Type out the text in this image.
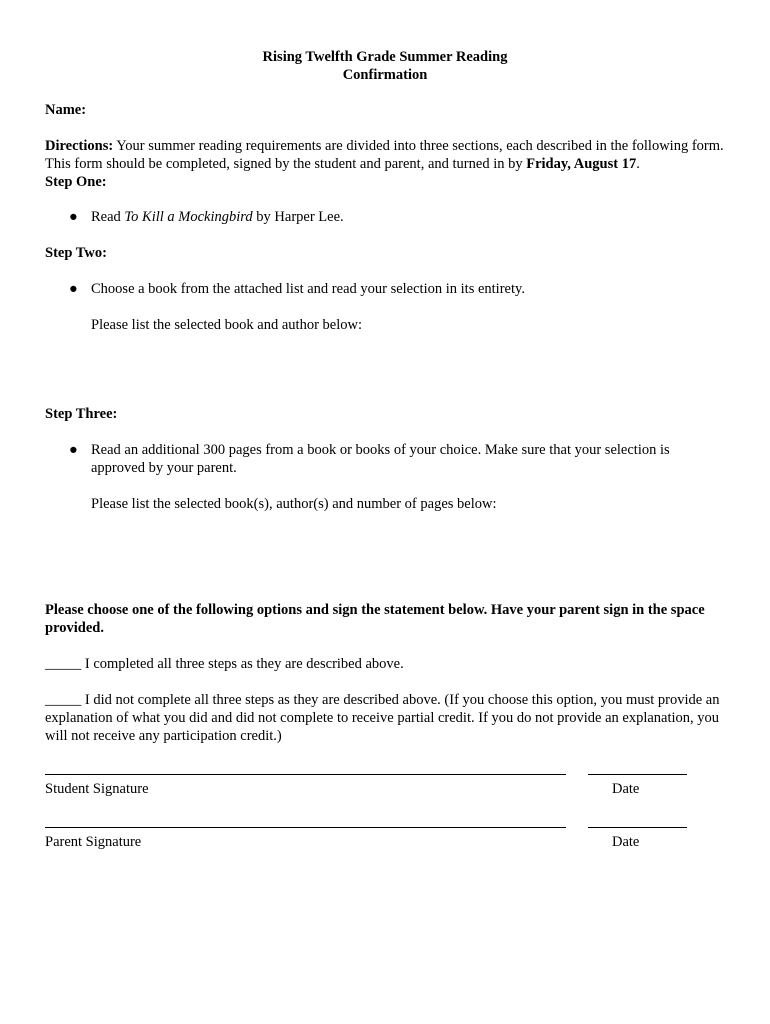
Rising Twelfth Grade Summer Reading
Confirmation
Name:
Directions: Your summer reading requirements are divided into three sections, each described in the following form. This form should be completed, signed by the student and parent, and turned in by Friday, August 17.
Step One:
● Read To Kill a Mockingbird by Harper Lee.
Step Two:
● Choose a book from the attached list and read your selection in its entirety.
Please list the selected book and author below:
Step Three:
● Read an additional 300 pages from a book or books of your choice. Make sure that your selection is approved by your parent.
Please list the selected book(s), author(s) and number of pages below:
Please choose one of the following options and sign the statement below. Have your parent sign in the space provided.
_____ I completed all three steps as they are described above.
_____ I did not complete all three steps as they are described above. (If you choose this option, you must provide an explanation of what you did and did not complete to receive partial credit. If you do not provide an explanation, you will not receive any participation credit.)
Student Signature	Date
Parent Signature	Date
